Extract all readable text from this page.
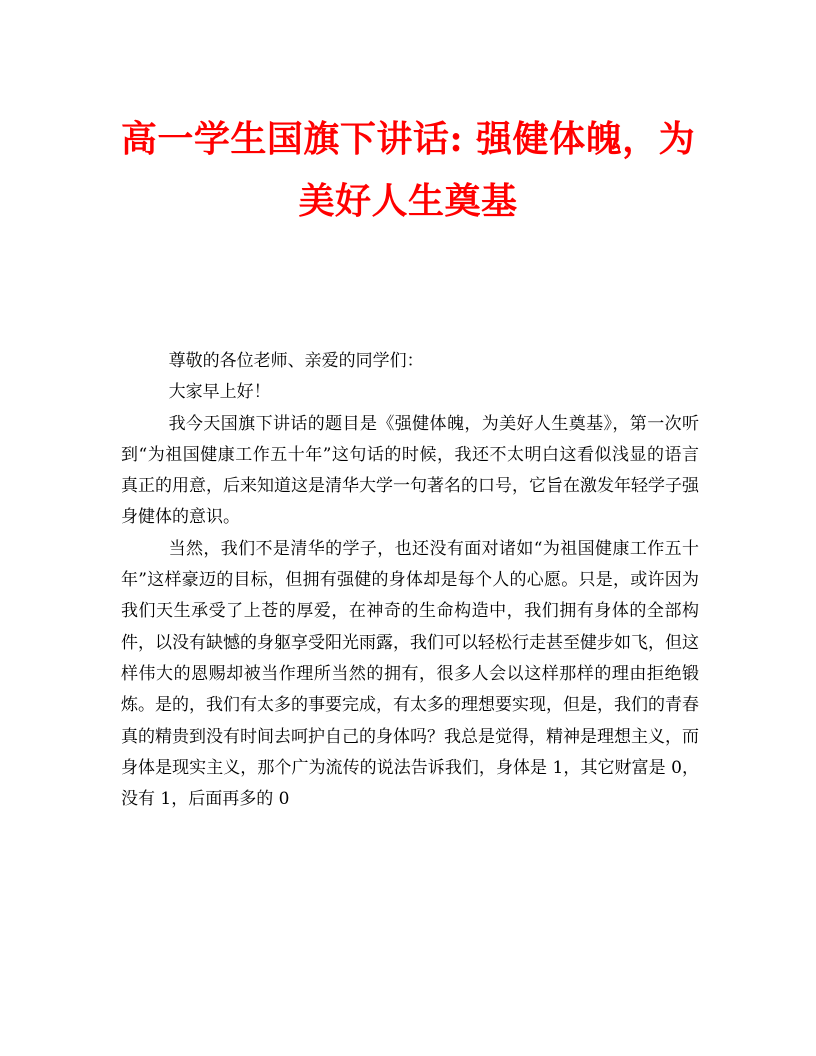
高一学生国旗下讲话: 强健体魄，为美好人生奠基

尊敬的各位老师、亲爱的同学们：

大家早上好！

我今天国旗下讲话的题目是《强健体魄，为美好人生奠基》，第一次听到“为祖国健康工作五十年”这句话的时候，我还不太明白这看似浅显的语言真正的用意，后来知道这是清华大学一句著名的口号，它旨在激发年轻学子强身健体的意识。

当然，我们不是清华的学子，也还没有面对诸如“为祖国健康工作五十年”这样豪迈的目标，但拥有强健的身体却是每个人的心愿。只是，或许因为我们天生承受了上苍的厚爱，在神奇的生命构造中，我们拥有身体的全部构件，以没有缺憾的身躯享受阳光雨露，我们可以轻松行走甚至健步如飞，但这样伟大的恩赐却被当作理所当然的拥有，很多人会以这样那样的理由拒绝锻炼。是的，我们有太多的事要完成，有太多的理想要实现，但是，我们的青春真的精贵到没有时间去呵护自己的身体吗？我总是觉得，精神是理想主义，而身体是现实主义，那个广为流传的说法告诉我们，身体是 1，其它财富是 0，没有 1，后面再多的 0
